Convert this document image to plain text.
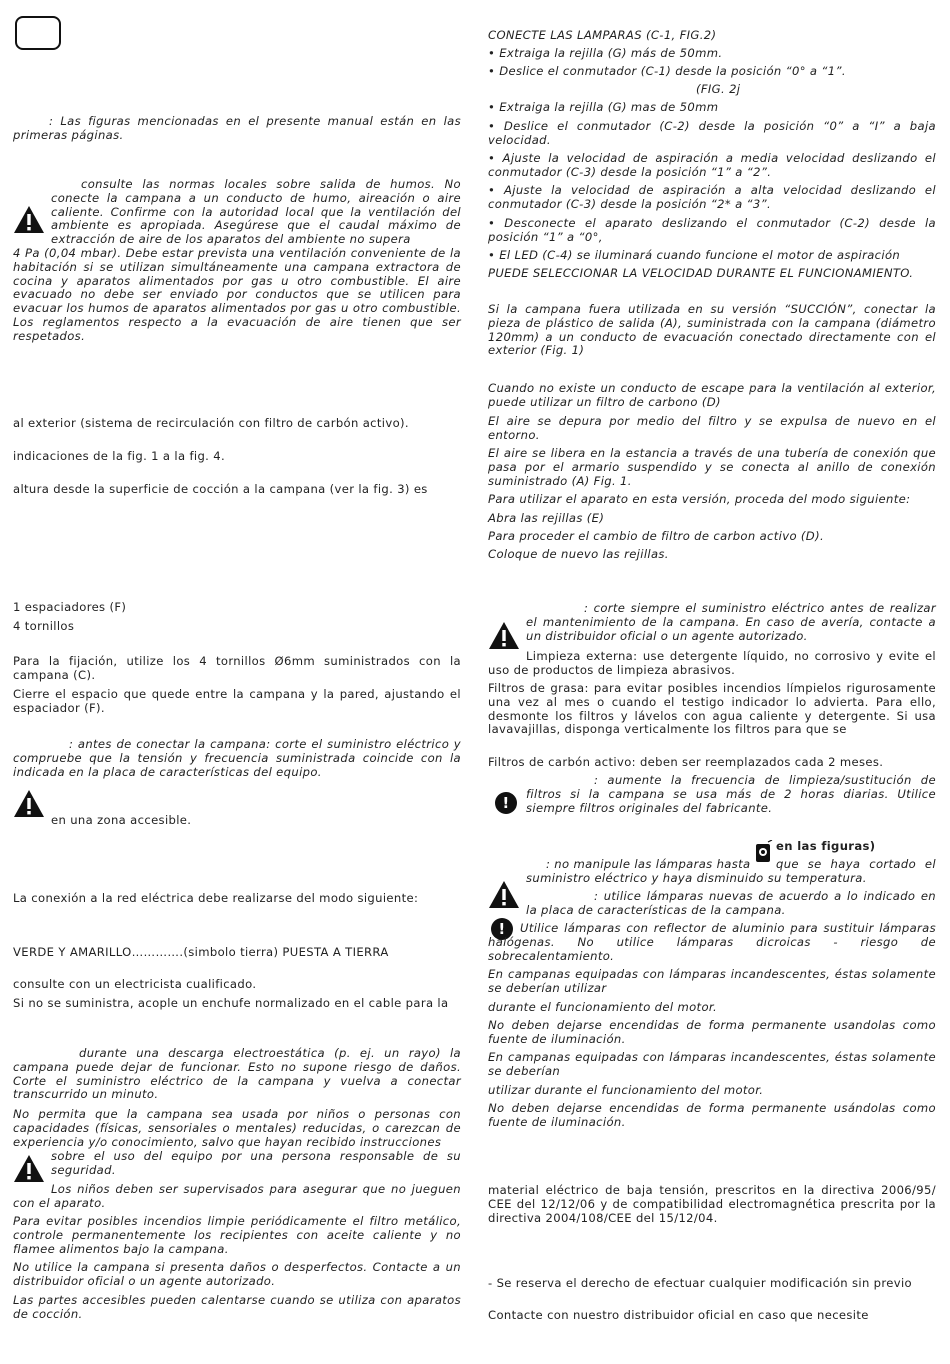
: Las figuras mencionadas en el presente manual están en las primeras páginas.

consulte las normas locales sobre salida de humos. No conecte la campana a un conducto de humo, aireación o aire caliente. Confirme con la autoridad local que la ventilación del ambiente es apropiada. Asegúrese que el caudal máximo de extracción de aire de los aparatos del ambiente no supera

4 Pa (0,04 mbar). Debe estar prevista una ventilación conveniente de la habitación si se utilizan simultáneamente una campana extractora de cocina y aparatos alimentados por gas u otro combustible. El aire evacuado no debe ser enviado por conductos que se utilicen para evacuar los humos de aparatos alimentados por gas u otro combustible. Los reglamentos respecto a la evacuación de aire tienen que ser respetados.

al exterior (sistema de recirculación con filtro de carbón activo).

indicaciones de la fig. 1 a la fig. 4.

altura desde la superficie de cocción a la campana (ver la fig. 3) es

1 espaciadores (F)

4 tornillos

Para la fijación, utilize los 4 tornillos Ø6mm suministrados con la campana (C).

Cierre el espacio que quede entre la campana y la pared, ajustando el espaciador (F).

: antes de conectar la campana: corte el suministro eléctrico y compruebe que la tensión y frecuencia suministrada coincide con la indicada en la placa de características del equipo.

en una zona accesible.

La conexión a la red eléctrica debe realizarse del modo siguiente:

VERDE Y AMARILLO………….(simbolo tierra) PUESTA A TIERRA

consulte con un electricista cualificado.

Si no se suministra, acople un enchufe normalizado en el cable para la

durante una descarga electroestática (p. ej. un rayo) la campana puede dejar de funcionar. Esto no supone riesgo de daños. Corte el suministro eléctrico de la campana y vuelva a conectar transcurrido un minuto.

No permita que la campana sea usada por niños o personas con capacidades (físicas, sensoriales o mentales) reducidas, o carezcan de experiencia y/o conocimiento, salvo que hayan recibido instrucciones

sobre el uso del equipo por una persona responsable de su seguridad.

Los niños deben ser supervisados para asegurar que no jueguen con el aparato.

Para evitar posibles incendios limpie periódicamente el filtro metálico, controle permanentemente los recipientes con aceite caliente y no flamee alimentos bajo la campana.

No utilice la campana si presenta daños o desperfectos. Contacte a un distribuidor oficial o un agente autorizado.

Las partes accesibles pueden calentarse cuando se utiliza con aparatos de cocción.

CONECTE LAS LAMPARAS (C-1, FIG.2)

• Extraiga la rejilla (G) más de 50mm.

• Deslice el conmutador (C-1) desde la posición “0° a “1”.

(FIG. 2j

• Extraiga la rejilla (G) mas de 50mm

• Deslice el conmutador (C-2) desde la posición “0” a “I” a baja velocidad.

• Ajuste la velocidad de aspiración a media velocidad deslizando el conmutador (C-3) desde la posición “1” a “2”.

• Ajuste la velocidad de aspiración a alta velocidad deslizando el conmutador (C-3) desde la posición “2* a “3”.

• Desconecte el aparato deslizando el conmutador (C-2) desde la posición “1” a “0°,

• El LED (C-4) se iluminará cuando funcione el motor de aspiración

PUEDE SELECCIONAR LA VELOCIDAD DURANTE EL FUNCIONAMIENTO.

Si la campana fuera utilizada en su versión “SUCCIÓN”, conectar la pieza de plástico de salida (A), suministrada con la campana (diámetro 120mm) a un conducto de evacuación conectado directamente con el exterior (Fig. 1)

Cuando no existe un conducto de escape para la ventilación al exterior, puede utilizar un filtro de carbono (D)

El aire se depura por medio del filtro y se expulsa de nuevo en el entorno.

El aire se libera en la estancia a través de una tubería de conexión que pasa por el armario suspendido y se conecta al anillo de conexión suministrado (A) Fig. 1.

Para utilizar el aparato en esta versión, proceda del modo siguiente:

Abra las rejillas (E)

Para proceder el cambio de filtro de carbon activo (D).

Coloque de nuevo las rejillas.

: corte siempre el suministro eléctrico antes de realizar el mantenimiento de la campana. En caso de avería, contacte a un distribuidor oficial o un agente autorizado.

Limpieza externa: use detergente líquido, no corrosivo y evite el uso de productos de limpieza abrasivos.

Filtros de grasa: para evitar posibles incendios límpielos rigurosamente una vez al mes o cuando el testigo indicador lo advierta. Para ello, desmonte los filtros y lávelos con agua caliente y detergente. Si usa lavavajillas, disponga verticalmente los filtros para que se

Filtros de carbón activo: deben ser reemplazados cada 2 meses.

!

: aumente la frecuencia de limpieza/sustitución de filtros si la campana se usa más de 2 horas diarias. Utilice siempre filtros originales del fabricante.

en las figuras)

: no manipule las lámparas hasta	que se haya cortado el suministro eléctrico y haya disminuido su temperatura.

: utilice lámparas nuevas de acuerdo a lo indicado en la placa de características de la campana.

!	Utilice lámparas con reflector de aluminio para sustituir lámparas halógenas. No utilice lámparas dicroicas - riesgo de sobrecalentamiento.

En campanas equipadas con lámparas incandescentes, éstas solamente se deberían utilizar

durante el funcionamiento del motor.

No deben dejarse encendidas de forma permanente usandolas como fuente de iluminación.

En campanas equipadas con lámparas incandescentes, éstas solamente se deberían

utilizar durante el funcionamiento del motor.

No deben dejarse encendidas de forma permanente usándolas como fuente de iluminación.

material eléctrico de baja tensión, prescritos en la directiva 2006/95/ CEE del 12/12/06 y de compatibilidad electromagnética prescrita por la directiva 2004/108/CEE del 15/12/04.

- Se reserva el derecho de efectuar cualquier modificación sin previo

Contacte con nuestro distribuidor oficial en caso que necesite
